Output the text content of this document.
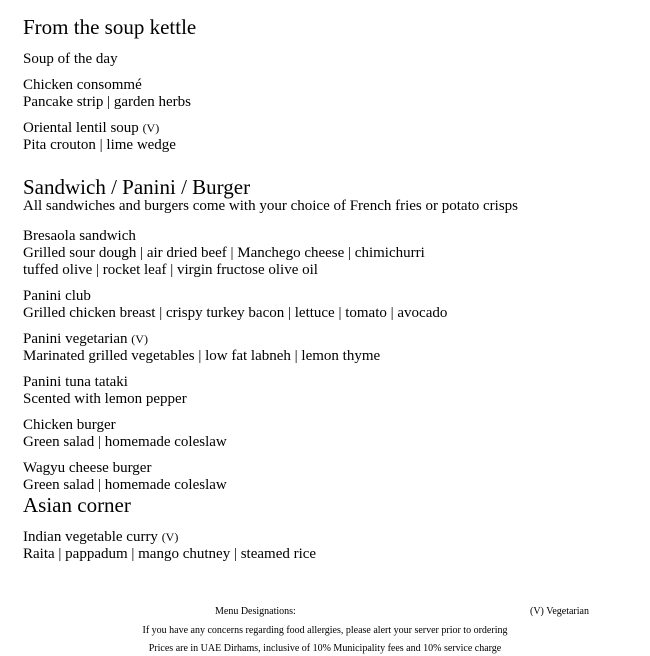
From the soup kettle
Soup of the day
Chicken consommé
Pancake strip | garden herbs
Oriental lentil soup (V)
Pita crouton | lime wedge
Sandwich / Panini / Burger
All sandwiches and burgers come with your choice of French fries or potato crisps
Bresaola sandwich
Grilled sour dough | air dried beef | Manchego cheese | chimichurri
tuffed olive | rocket leaf | virgin fructose olive oil
Panini club
Grilled chicken breast | crispy turkey bacon | lettuce | tomato | avocado
Panini vegetarian (V)
Marinated grilled vegetables | low fat labneh | lemon thyme
Panini tuna tataki
Scented with lemon pepper
Chicken burger
Green salad | homemade coleslaw
Wagyu cheese burger
Green salad | homemade coleslaw
Asian corner
Indian vegetable curry (V)
Raita | pappadum | mango chutney | steamed rice
Menu Designations:	(V) Vegetarian
If you have any concerns regarding food allergies, please alert your server prior to ordering
Prices are in UAE Dirhams, inclusive of 10% Municipality fees and 10% service charge
